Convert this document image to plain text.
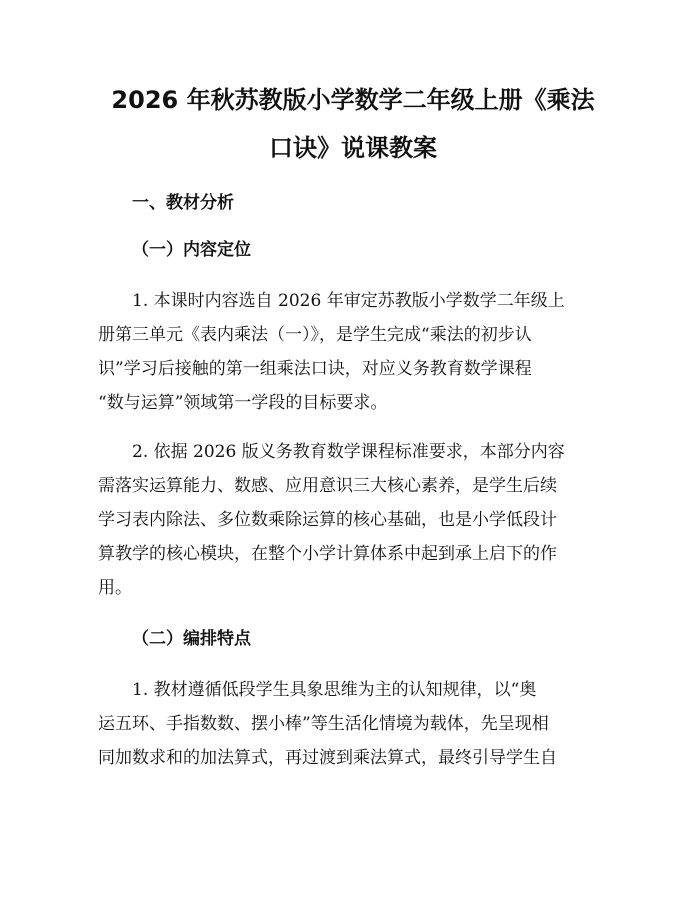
2026 年秋苏教版小学数学二年级上册《乘法
口诀》说课教案
一、教材分析
（一）内容定位
1. 本课时内容选自 2026 年审定苏教版小学数学二年级上
册第三单元《表内乘法（一）》，是学生完成“乘法的初步认
识”学习后接触的第一组乘法口诀，对应义务教育数学课程
“数与运算”领域第一学段的目标要求。
2. 依据 2026 版义务教育数学课程标准要求，本部分内容
需落实运算能力、数感、应用意识三大核心素养，是学生后续
学习表内除法、多位数乘除运算的核心基础，也是小学低段计
算教学的核心模块，在整个小学计算体系中起到承上启下的作
用。
（二）编排特点
1. 教材遵循低段学生具象思维为主的认知规律，以“奥
运五环、手指数数、摆小棒”等生活化情境为载体，先呈现相
同加数求和的加法算式，再过渡到乘法算式，最终引导学生自
